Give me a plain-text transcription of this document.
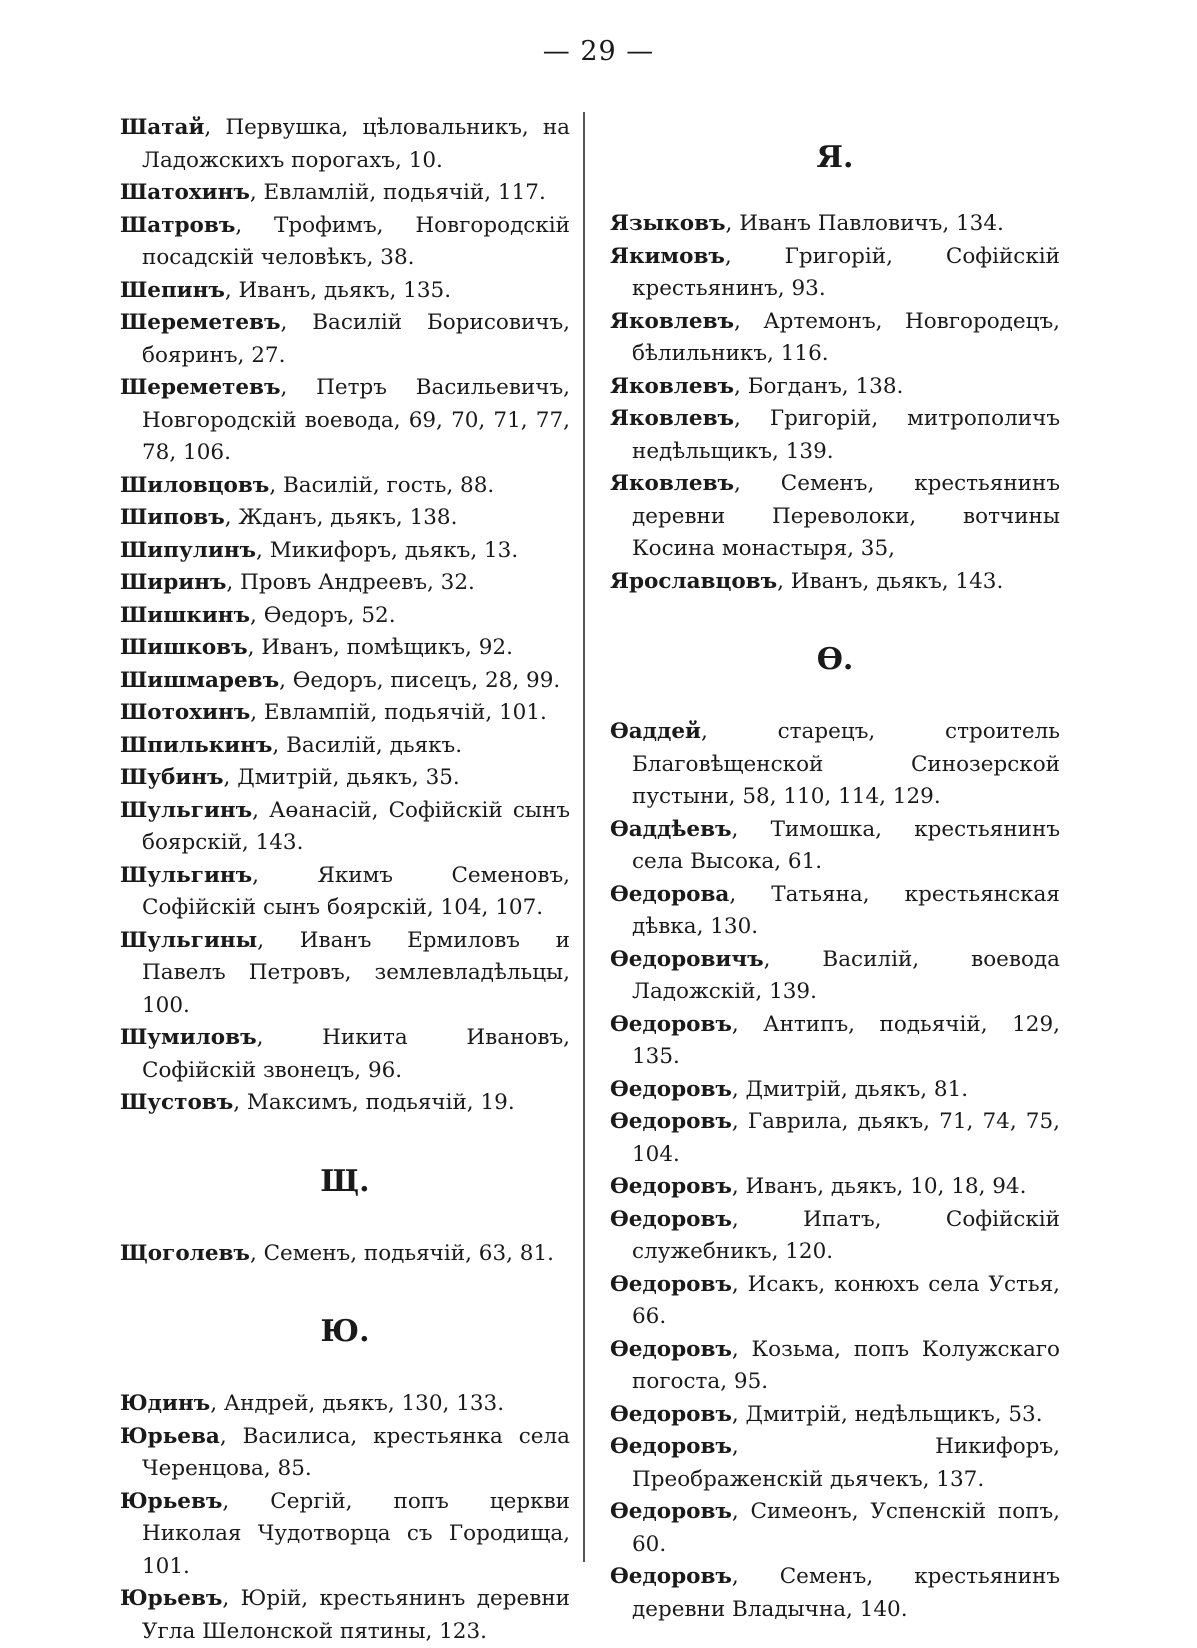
— 29 —

Шатай, Первушка, цѣловальникъ, на Ладожскихъ порогахъ, 10.

Шатохинъ, Евламлій, подьячій, 117.

Шатровъ, Трофимъ, Новгородскій посадскій человѣкъ, 38.

Шепинъ, Иванъ, дьякъ, 135.

Шереметевъ, Василій Борисовичъ, бояринъ, 27.

Шереметевъ, Петръ Васильевичъ, Новгородскій воевода, 69, 70, 71, 77, 78, 106.

Шиловцовъ, Василій, гость, 88.

Шиповъ, Жданъ, дьякъ, 138.

Шипулинъ, Микифоръ, дьякъ, 13.

Ширинъ, Провъ Андреевъ, 32.

Шишкинъ, Өедоръ, 52.

Шишковъ, Иванъ, помѣщикъ, 92.

Шишмаревъ, Өедоръ, писецъ, 28, 99.

Шотохинъ, Евлампій, подьячій, 101.

Шпилькинъ, Василій, дьякъ.

Шубинъ, Дмитрій, дьякъ, 35.

Шульгинъ, Аөанасій, Софійскій сынъ боярскій, 143.

Шульгинъ, Якимъ Семеновъ, Софійскій сынъ боярскій, 104, 107.

Шульгины, Иванъ Ермиловъ и Павелъ Петровъ, землевладѣльцы, 100.

Шумиловъ, Никита Ивановъ, Софійскій звонецъ, 96.

Шустовъ, Максимъ, подьячій, 19.

Щ.

Щоголевъ, Семенъ, подьячій, 63, 81.

Ю.

Юдинъ, Андрей, дьякъ, 130, 133.

Юрьева, Василиса, крестьянка села Черенцова, 85.

Юрьевъ, Сергій, попъ церкви Николая Чудотворца съ Городища, 101.

Юрьевъ, Юрій, крестьянинъ деревни Угла Шелонской пятины, 123.

Я.

Языковъ, Иванъ Павловичъ, 134.

Якимовъ, Григорій, Софійскій крестьянинъ, 93.

Яковлевъ, Артемонъ, Новгородецъ, бѣлильникъ, 116.

Яковлевъ, Богданъ, 138.

Яковлевъ, Григорій, митрополичъ недѣльщикъ, 139.

Яковлевъ, Семенъ, крестьянинъ деревни Переволоки, вотчины Косина монастыря, 35,

Ярославцовъ, Иванъ, дьякъ, 143.

Ө.

Өаддей, старецъ, строитель Благовѣщенской Синозерской пустыни, 58, 110, 114, 129.

Өаддѣевъ, Тимошка, крестьянинъ села Высока, 61.

Өедорова, Татьяна, крестьянская дѣвка, 130.

Өедоровичъ, Василій, воевода Ладожскій, 139.

Өедоровъ, Антипъ, подьячій, 129, 135.

Өедоровъ, Дмитрій, дьякъ, 81.

Өедоровъ, Гаврила, дьякъ, 71, 74, 75, 104.

Өедоровъ, Иванъ, дьякъ, 10, 18, 94.

Өедоровъ, Ипатъ, Софійскій служебникъ, 120.

Өедоровъ, Исакъ, конюхъ села Устья, 66.

Өедоровъ, Козьма, попъ Колужскаго погоста, 95.

Өедоровъ, Дмитрій, недѣльщикъ, 53.

Өедоровъ, Никифоръ, Преображенскій дьячекъ, 137.

Өедоровъ, Симеонъ, Успенскій попъ, 60.

Өедоровъ, Семенъ, крестьянинъ деревни Владычна, 140.
